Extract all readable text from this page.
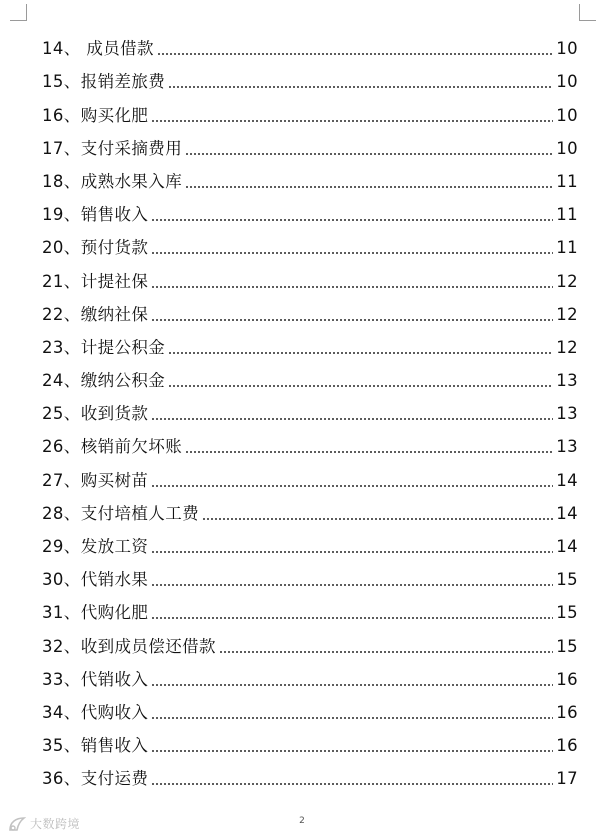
14、 成员借款	10
15、报销差旅费	10
16、购买化肥	10
17、支付采摘费用	10
18、成熟水果入库	11
19、销售收入	11
20、预付货款	11
21、计提社保	12
22、缴纳社保	12
23、计提公积金	12
24、缴纳公积金	13
25、收到货款	13
26、核销前欠坏账	13
27、购买树苗	14
28、支付培植人工费	14
29、发放工资	14
30、代销水果	15
31、代购化肥	15
32、收到成员偿还借款	15
33、代销收入	16
34、代购收入	16
35、销售收入	16
36、支付运费	17
2
大数跨境
